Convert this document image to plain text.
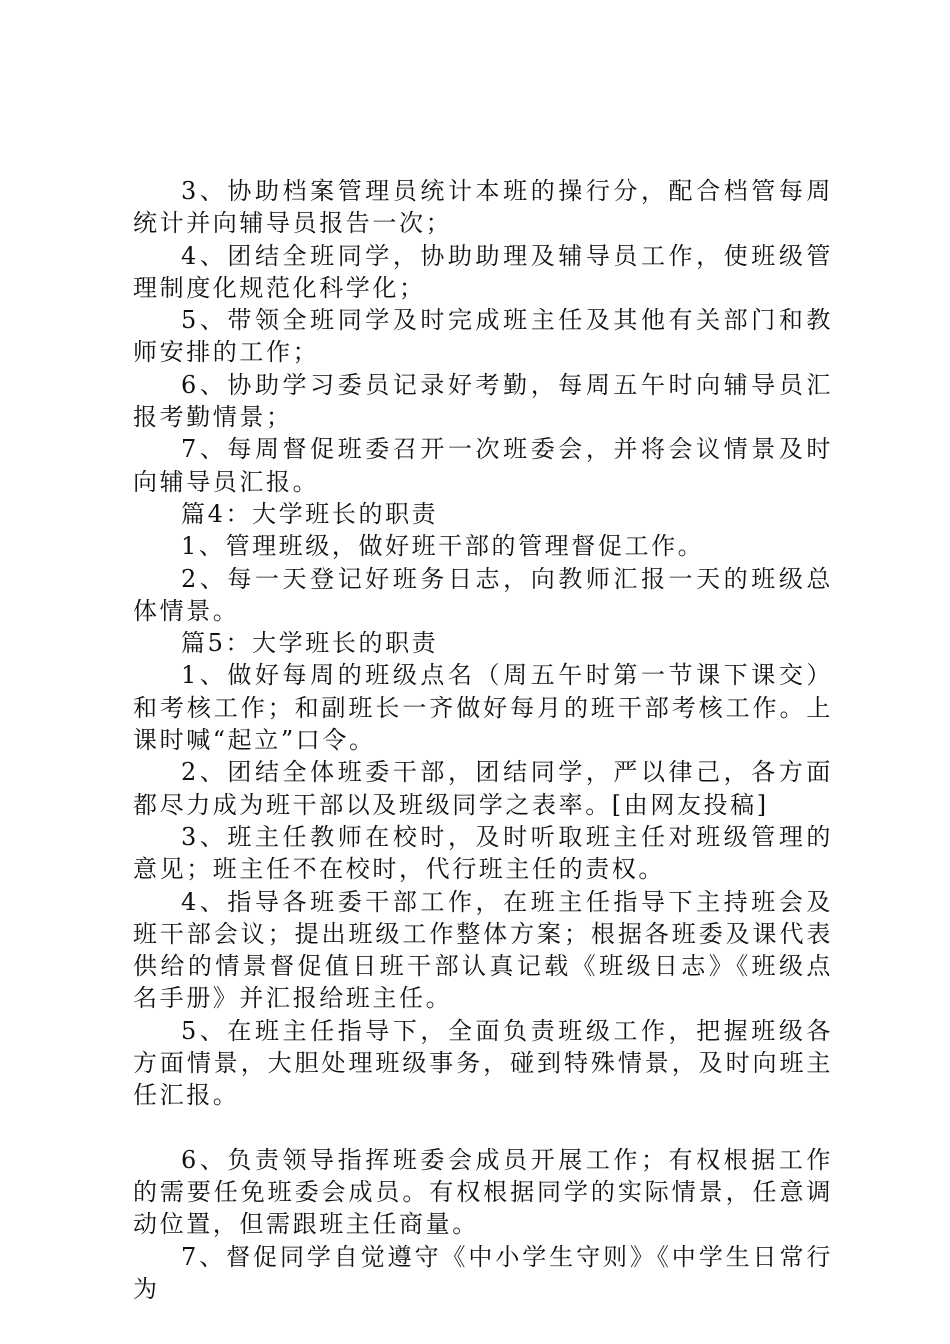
3、协助档案管理员统计本班的操行分，配合档管每周统计并向辅导员报告一次；

4、团结全班同学，协助助理及辅导员工作，使班级管理制度化规范化科学化；

5、带领全班同学及时完成班主任及其他有关部门和教师安排的工作；

6、协助学习委员记录好考勤，每周五午时向辅导员汇报考勤情景；

7、每周督促班委召开一次班委会，并将会议情景及时向辅导员汇报。

篇4：大学班长的职责

1、管理班级，做好班干部的管理督促工作。

2、每一天登记好班务日志，向教师汇报一天的班级总体情景。

篇5：大学班长的职责

1、做好每周的班级点名（周五午时第一节课下课交）和考核工作；和副班长一齐做好每月的班干部考核工作。上课时喊“起立”口令。

2、团结全体班委干部，团结同学，严以律己，各方面都尽力成为班干部以及班级同学之表率。[由网友投稿]

3、班主任教师在校时，及时听取班主任对班级管理的意见；班主任不在校时，代行班主任的责权。

4、指导各班委干部工作，在班主任指导下主持班会及班干部会议；提出班级工作整体方案；根据各班委及课代表供给的情景督促值日班干部认真记载《班级日志》《班级点名手册》并汇报给班主任。

5、在班主任指导下，全面负责班级工作，把握班级各方面情景，大胆处理班级事务，碰到特殊情景，及时向班主任汇报。

6、负责领导指挥班委会成员开展工作；有权根据工作的需要任免班委会成员。有权根据同学的实际情景，任意调动位置，但需跟班主任商量。

7、督促同学自觉遵守《中小学生守则》《中学生日常行为
